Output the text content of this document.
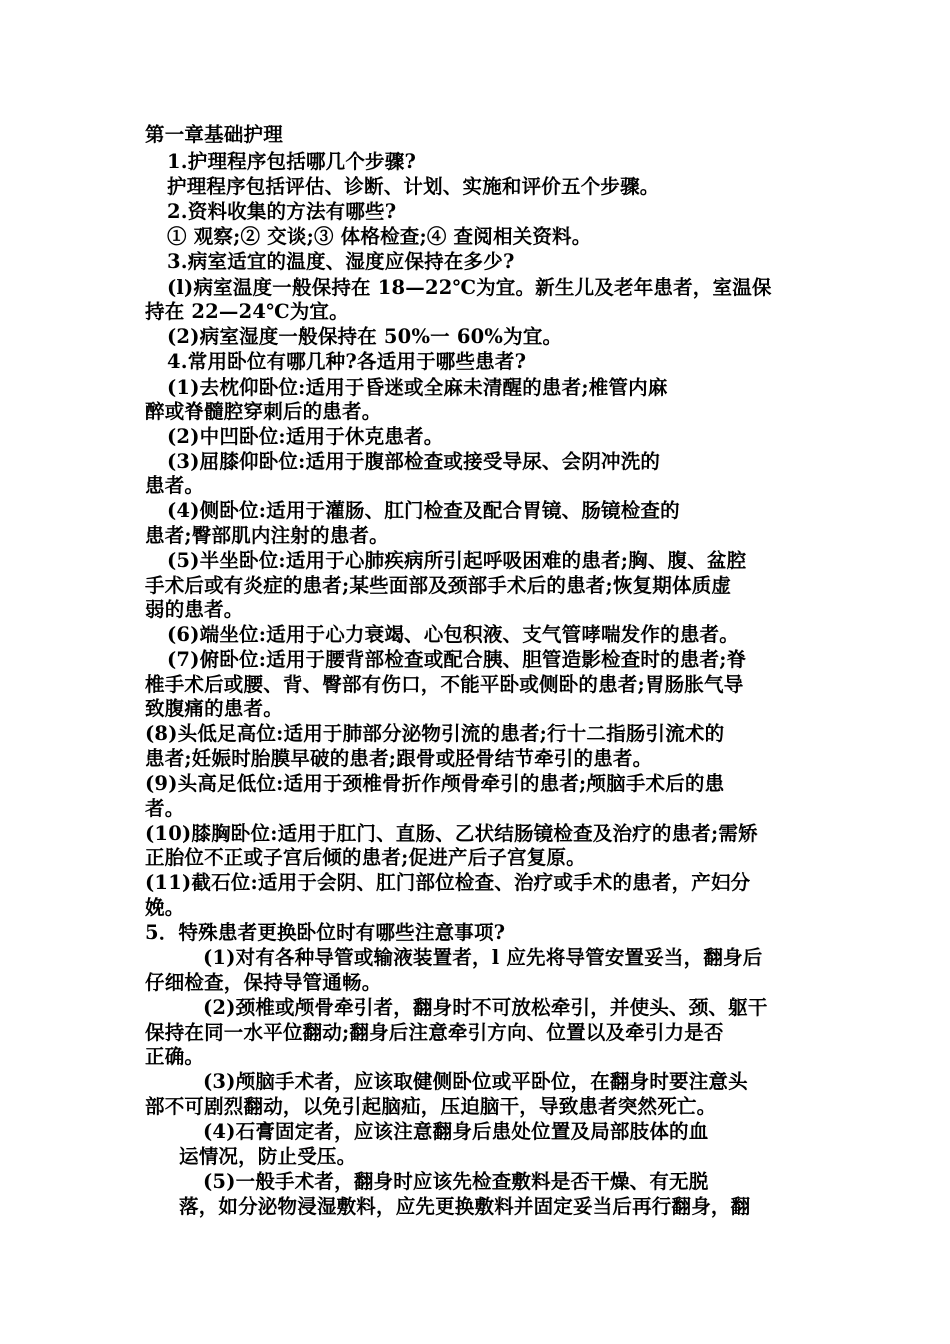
第一章基础护理
1.护理程序包括哪几个步骤?
护理程序包括评估、诊断、计划、实施和评价五个步骤。
2.资料收集的方法有哪些?
① 观察;② 交谈;③ 体格检查;④ 查阅相关资料。
3.病室适宜的温度、湿度应保持在多少?
(l)病室温度一般保持在 18—22℃为宜。新生儿及老年患者，室温保
持在 22—24℃为宜。
(2)病室湿度一般保持在 50%一 60%为宜。
4.常用卧位有哪几种?各适用于哪些患者?
(1)去枕仰卧位:适用于昏迷或全麻未清醒的患者;椎管内麻
醉或脊髓腔穿刺后的患者。
(2)中凹卧位:适用于休克患者。
(3)屈膝仰卧位:适用于腹部检查或接受导尿、会阴冲洗的
患者。
(4)侧卧位:适用于灌肠、肛门检查及配合胃镜、肠镜检查的
患者;臀部肌内注射的患者。
(5)半坐卧位:适用于心肺疾病所引起呼吸困难的患者;胸、腹、盆腔
手术后或有炎症的患者;某些面部及颈部手术后的患者;恢复期体质虚
弱的患者。
(6)端坐位:适用于心力衰竭、心包积液、支气管哮喘发作的患者。
(7)俯卧位:适用于腰背部检查或配合胰、胆管造影检查时的患者;脊
椎手术后或腰、背、臀部有伤口，不能平卧或侧卧的患者;胃肠胀气导
致腹痛的患者。
(8)头低足高位:适用于肺部分泌物引流的患者;行十二指肠引流术的
患者;妊娠时胎膜早破的患者;跟骨或胫骨结节牵引的患者。
(9)头高足低位:适用于颈椎骨折作颅骨牵引的患者;颅脑手术后的患
者。
(10)膝胸卧位:适用于肛门、直肠、乙状结肠镜检查及治疗的患者;需矫
正胎位不正或子宫后倾的患者;促进产后子宫复原。
(11)截石位:适用于会阴、肛门部位检查、治疗或手术的患者，产妇分
娩。
5．特殊患者更换卧位时有哪些注意事项?
(1)对有各种导管或输液装置者，l 应先将导管安置妥当，翻身后
仔细检查，保持导管通畅。
(2)颈椎或颅骨牵引者，翻身时不可放松牵引，并使头、颈、躯干
保持在同一水平位翻动;翻身后注意牵引方向、位置以及牵引力是否
正确。
(3)颅脑手术者，应该取健侧卧位或平卧位，在翻身时要注意头
部不可剧烈翻动，以免引起脑疝，压迫脑干，导致患者突然死亡。
(4)石膏固定者，应该注意翻身后患处位置及局部肢体的血
运情况，防止受压。
(5)一般手术者，翻身时应该先检查敷料是否干燥、有无脱
落，如分泌物浸湿敷料，应先更换敷料并固定妥当后再行翻身，翻
